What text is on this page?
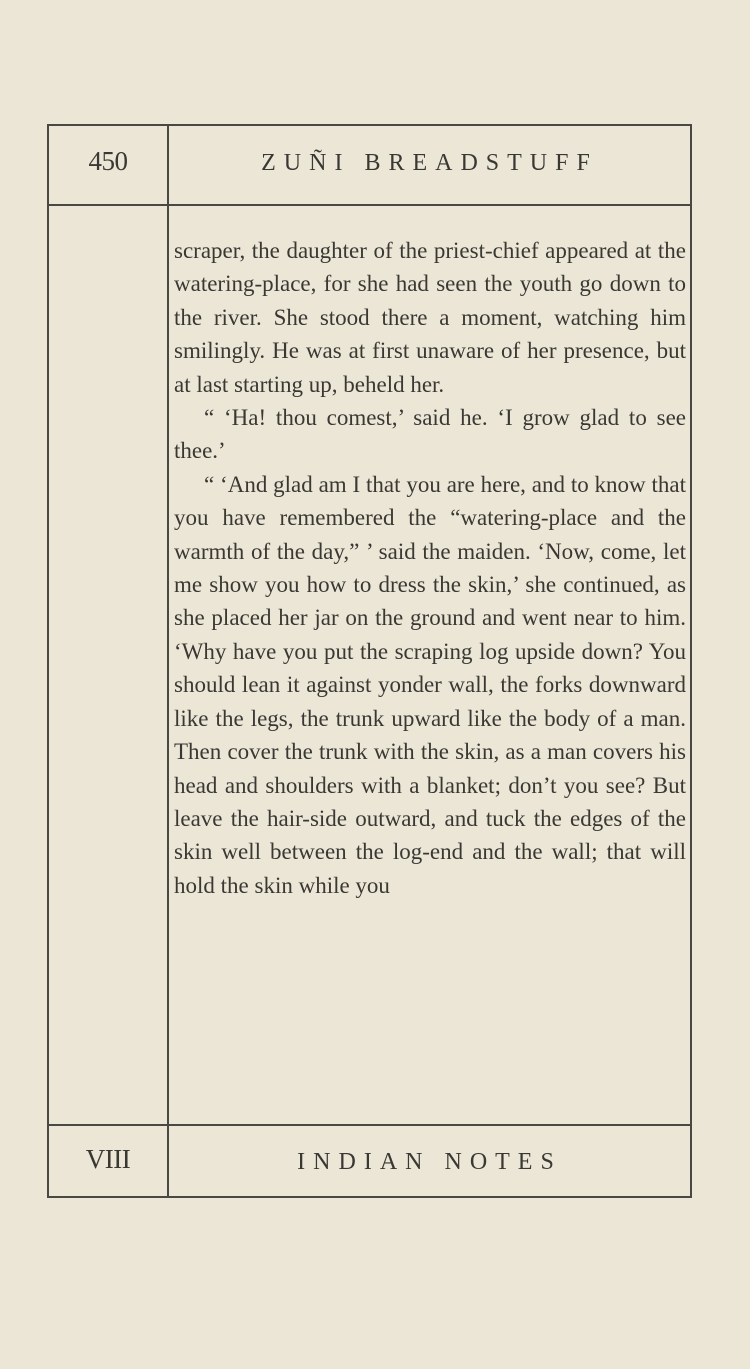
450	ZUÑI BREADSTUFF

scraper, the daughter of the priest-chief appeared at the watering-place, for she had seen the youth go down to the river. She stood there a moment, watching him smilingly. He was at first unaware of her presence, but at last starting up, beheld her.

“ ‘Ha! thou comest,’ said he. ‘I grow glad to see thee.’

“ ‘And glad am I that you are here, and to know that you have remembered the “watering-place and the warmth of the day,” ’ said the maiden. ‘Now, come, let me show you how to dress the skin,’ she continued, as she placed her jar on the ground and went near to him. ‘Why have you put the scraping log upside down? You should lean it against yonder wall, the forks downward like the legs, the trunk upward like the body of a man. Then cover the trunk with the skin, as a man covers his head and shoulders with a blanket; don’t you see? But leave the hair-side outward, and tuck the edges of the skin well between the log-end and the wall; that will hold the skin while you

VIII	INDIAN NOTES
